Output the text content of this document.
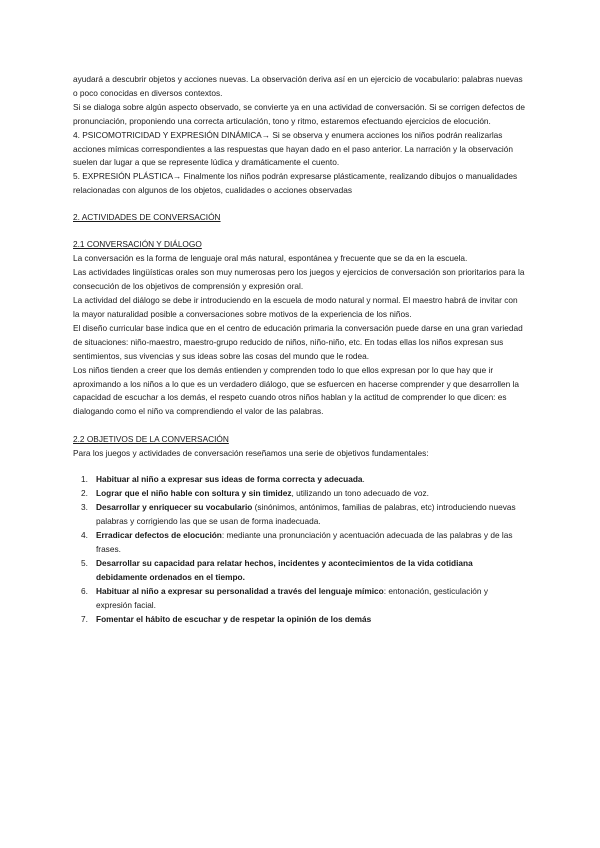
ayudará a descubrir objetos y acciones nuevas. La observación deriva así en un ejercicio de vocabulario: palabras nuevas o poco conocidas en diversos contextos.

Si se dialoga sobre algún aspecto observado, se convierte ya en una actividad de conversación. Si se corrigen defectos de pronunciación, proponiendo una correcta articulación, tono y ritmo, estaremos efectuando ejercicios de elocución.

4. PSICOMOTRICIDAD Y EXPRESIÓN DINÁMICA→ Si se observa y enumera acciones los niños podrán realizarlas acciones mímicas correspondientes a las respuestas que hayan dado en el paso anterior. La narración y la observación suelen dar lugar a que se represente lúdica y dramáticamente el cuento.

5. EXPRESIÓN PLÁSTICA→ Finalmente los niños podrán expresarse plásticamente, realizando dibujos o manualidades relacionadas con algunos de los objetos, cualidades o acciones observadas

2. ACTIVIDADES DE CONVERSACIÓN

2.1 CONVERSACIÓN Y DIÁLOGO

La conversación es la forma de lenguaje oral más natural, espontánea y frecuente que se da en la escuela.

Las actividades lingüísticas orales son muy numerosas pero los juegos y ejercicios de conversación son prioritarios para la consecución de los objetivos de comprensión y expresión oral.

La actividad del diálogo se debe ir introduciendo en la escuela de modo natural y normal. El maestro habrá de invitar con la mayor naturalidad posible a conversaciones sobre motivos de la experiencia de los niños.

El diseño curricular base indica que en el centro de educación primaria la conversación puede darse en una gran variedad de situaciones: niño-maestro, maestro-grupo reducido de niños, niño-niño, etc. En todas ellas los niños expresan sus sentimientos, sus vivencias y sus ideas sobre las cosas del mundo que le rodea.

Los niños tienden a creer que los demás entienden y comprenden todo lo que ellos expresan por lo que hay que ir aproximando a los niños a lo que es un verdadero diálogo, que se esfuercen en hacerse comprender y que desarrollen la capacidad de escuchar a los demás, el respeto cuando otros niños hablan y la actitud de comprender lo que dicen: es dialogando como el niño va comprendiendo el valor de las palabras.

2.2 OBJETIVOS DE LA CONVERSACIÓN

Para los juegos y actividades de conversación reseñamos una serie de objetivos fundamentales:

1. Habituar al niño a expresar sus ideas de forma correcta y adecuada.
2. Lograr que el niño hable con soltura y sin timidez, utilizando un tono adecuado de voz.
3. Desarrollar y enriquecer su vocabulario (sinónimos, antónimos, familias de palabras, etc) introduciendo nuevas palabras y corrigiendo las que se usan de forma inadecuada.
4. Erradicar defectos de elocución: mediante una pronunciación y acentuación adecuada de las palabras y de las frases.
5. Desarrollar su capacidad para relatar hechos, incidentes y acontecimientos de la vida cotidiana debidamente ordenados en el tiempo.
6. Habituar al niño a expresar su personalidad a través del lenguaje mímico: entonación, gesticulación y expresión facial.
7. Fomentar el hábito de escuchar y de respetar la opinión de los demás
